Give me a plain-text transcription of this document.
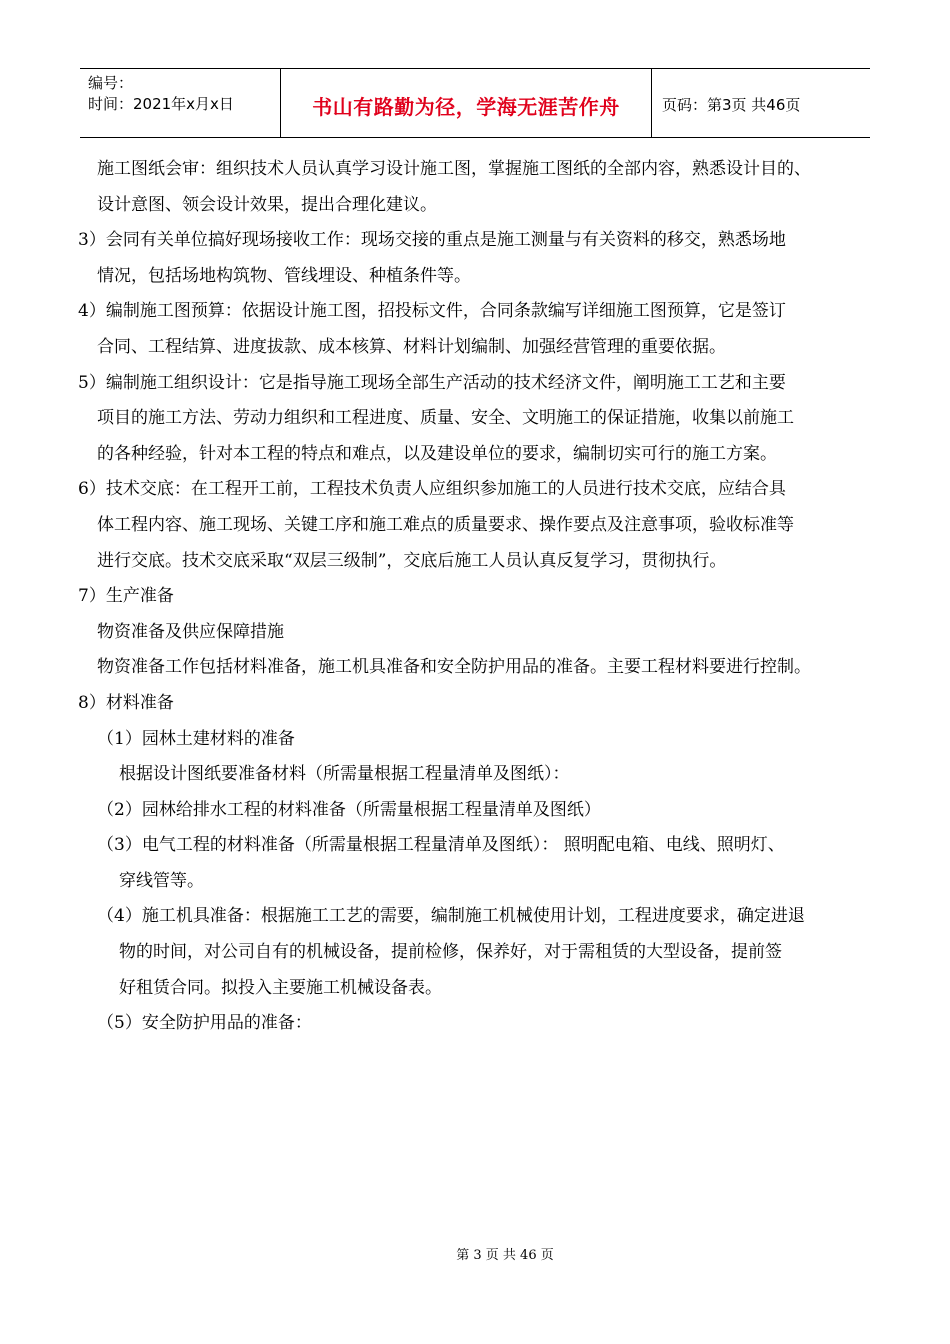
编号：
时间：2021年x月x日	书山有路勤为径，学海无涯苦作舟	页码：第3页 共46页
施工图纸会审：组织技术人员认真学习设计施工图，掌握施工图纸的全部内容，熟悉设计目的、
设计意图、领会设计效果，提出合理化建议。
3）会同有关单位搞好现场接收工作：现场交接的重点是施工测量与有关资料的移交，熟悉场地
情况，包括场地构筑物、管线埋设、种植条件等。
4）编制施工图预算：依据设计施工图，招投标文件，合同条款编写详细施工图预算，它是签订
合同、工程结算、进度拔款、成本核算、材料计划编制、加强经营管理的重要依据。
5）编制施工组织设计：它是指导施工现场全部生产活动的技术经济文件，阐明施工工艺和主要
项目的施工方法、劳动力组织和工程进度、质量、安全、文明施工的保证措施，收集以前施工
的各种经验，针对本工程的特点和难点，以及建设单位的要求，编制切实可行的施工方案。
6）技术交底：在工程开工前，工程技术负责人应组织参加施工的人员进行技术交底，应结合具
体工程内容、施工现场、关键工序和施工难点的质量要求、操作要点及注意事项，验收标准等
进行交底。技术交底采取“双层三级制”，交底后施工人员认真反复学习，贯彻执行。
7）生产准备
物资准备及供应保障措施
物资准备工作包括材料准备，施工机具准备和安全防护用品的准备。主要工程材料要进行控制。
8）材料准备
（1）园林土建材料的准备
根据设计图纸要准备材料（所需量根据工程量清单及图纸）：
（2）园林给排水工程的材料准备（所需量根据工程量清单及图纸）
（3）电气工程的材料准备（所需量根据工程量清单及图纸）： 照明配电箱、电线、照明灯、
穿线管等。
（4）施工机具准备：根据施工工艺的需要，编制施工机械使用计划，工程进度要求，确定进退
物的时间，对公司自有的机械设备，提前检修，保养好，对于需租赁的大型设备，提前签
好租赁合同。拟投入主要施工机械设备表。
（5）安全防护用品的准备：
第 3 页 共 46 页
